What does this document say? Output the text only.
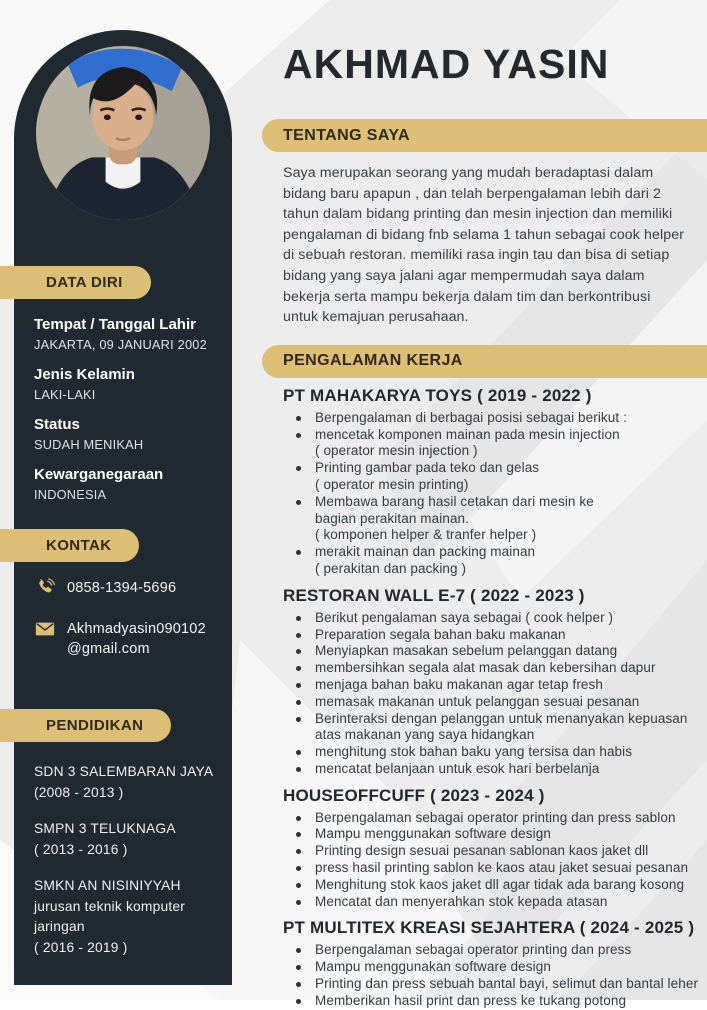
DATA DIRI
Tempat / Tanggal Lahir
JAKARTA, 09 JANUARI 2002
Jenis Kelamin
LAKI-LAKI
Status
SUDAH MENIKAH
Kewarganegaraan
INDONESIA
KONTAK
0858-1394-5696
Akhmadyasin090102
@gmail.com
PENDIDIKAN
SDN 3 SALEMBARAN JAYA
(2008 - 2013 )
SMPN 3 TELUKNAGA
( 2013 - 2016 )
SMKN AN NISINIYYAH
jurusan teknik komputer jaringan
( 2016 - 2019 )
AKHMAD YASIN
TENTANG SAYA

Saya merupakan seorang yang mudah beradaptasi dalam bidang baru apapun , dan telah berpengalaman lebih dari 2 tahun dalam bidang printing dan mesin injection dan memiliki pengalaman di bidang fnb selama 1 tahun sebagai cook helper di sebuah restoran. memiliki rasa ingin tau dan bisa di setiap bidang yang saya jalani agar mempermudah saya dalam bekerja serta mampu bekerja dalam tim dan berkontribusi untuk kemajuan perusahaan.

PENGALAMAN KERJA
PT MAHAKARYA TOYS ( 2019 - 2022 )
Berpengalaman di berbagai posisi sebagai berikut :
mencetak komponen mainan pada mesin injection
( operator mesin injection )
Printing gambar pada teko dan gelas
( operator mesin printing)
Membawa barang hasil cetakan dari mesin ke
bagian perakitan mainan.
( komponen helper & tranfer helper )
merakit mainan dan packing mainan
( perakitan dan packing )
RESTORAN WALL E-7 ( 2022 - 2023 )
Berikut pengalaman saya sebagai ( cook helper )
Preparation segala bahan baku makanan
Menyiapkan masakan sebelum pelanggan datang
membersihkan segala alat masak dan kebersihan dapur
menjaga bahan baku makanan agar tetap fresh
memasak makanan untuk pelanggan sesuai pesanan
Berinteraksi dengan pelanggan untuk menanyakan kepuasan
atas makanan yang saya hidangkan
menghitung stok bahan baku yang tersisa dan habis
mencatat belanjaan untuk esok hari berbelanja
HOUSEOFFCUFF ( 2023 - 2024 )
Berpengalaman sebagai operator printing dan press sablon
Mampu menggunakan software design
Printing design sesuai pesanan sablonan kaos jaket dll
press hasil printing sablon ke kaos atau jaket sesuai pesanan
Menghitung stok kaos jaket dll agar tidak ada barang kosong
Mencatat dan menyerahkan stok kepada atasan
PT MULTITEX KREASI SEJAHTERA ( 2024 - 2025 )
Berpengalaman sebagai operator printing dan press
Mampu menggunakan software design
Printing dan press sebuah bantal bayi, selimut dan bantal leher
Memberikan hasil print dan press ke tukang potong
